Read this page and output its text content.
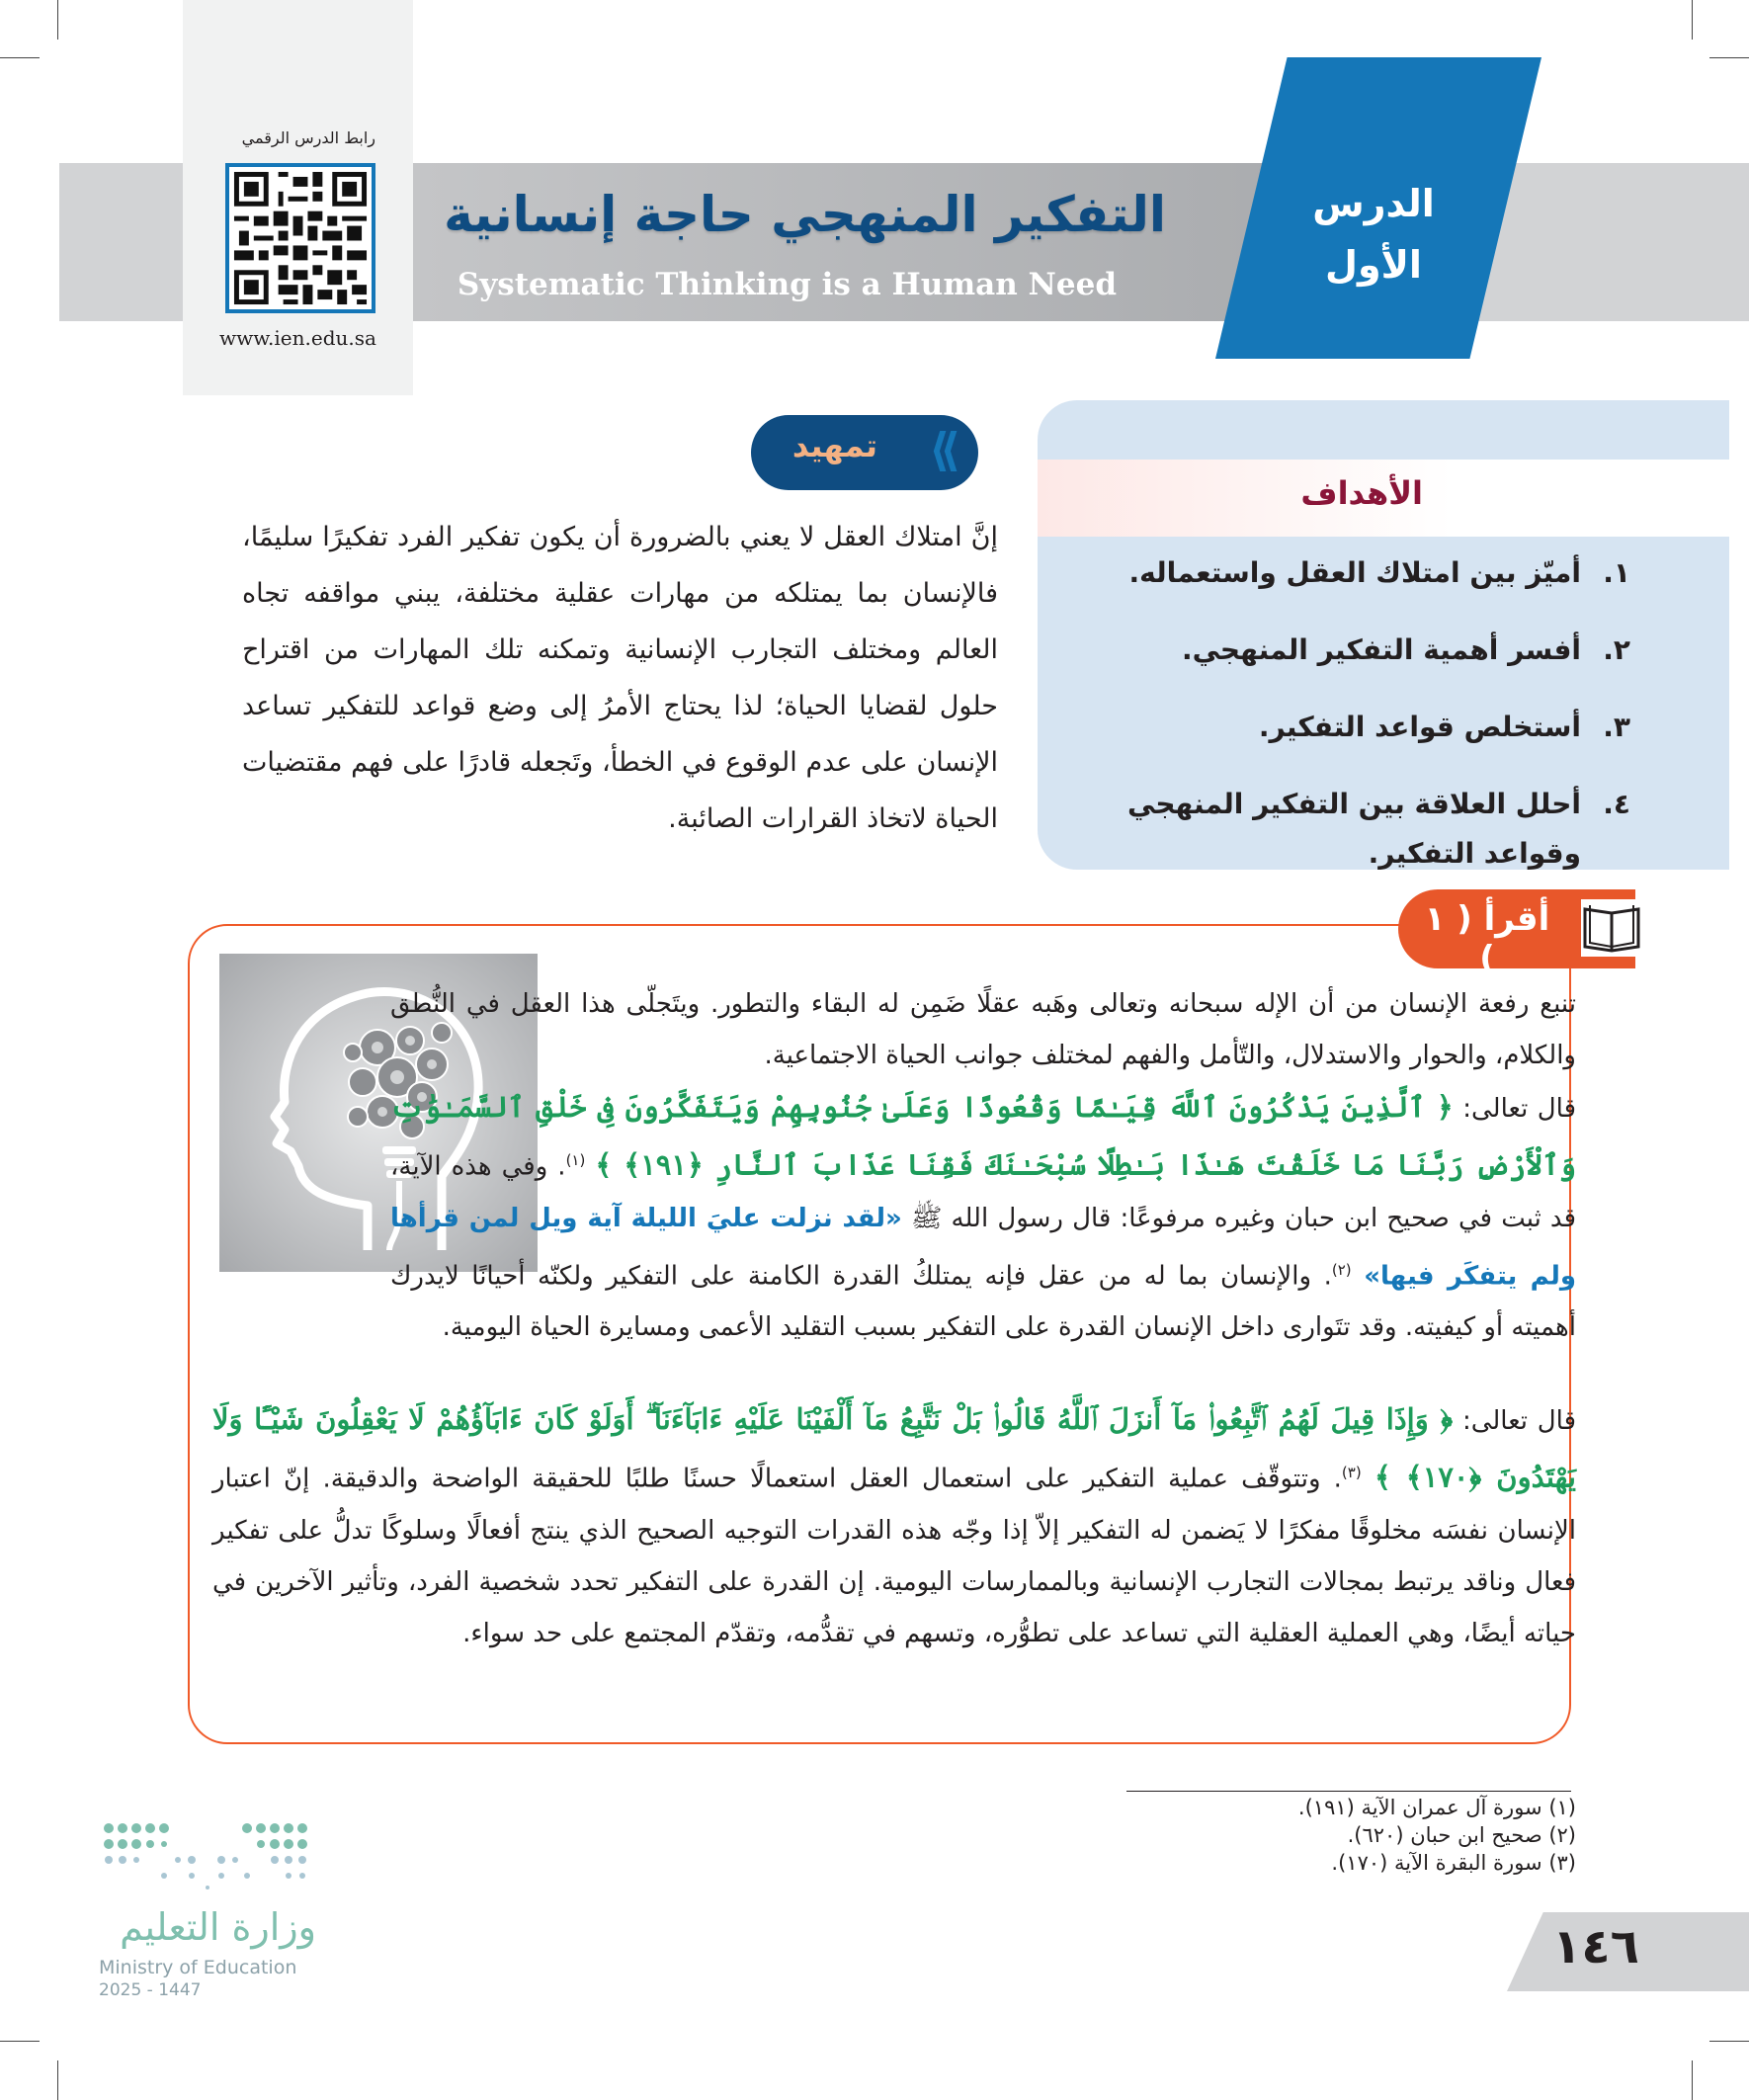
التفكير المنهجي حاجة إنسانية
Systematic Thinking is a Human Need
الدرس
الأول
رابط الدرس الرقمي
www.ien.edu.sa
الأهداف
١.
أميّز بين امتلاك العقل واستعماله.
٢.
أفسر أهمية التفكير المنهجي.
٣.
أستخلص قواعد التفكير.
٤.
أحلل العلاقة بين التفكير المنهجي وقواعد التفكير.
تمهيد	⟨⟨

إنَّ امتلاك العقل لا يعني بالضرورة أن يكون تفكير الفرد تفكيرًا سليمًا، فالإنسان بما يمتلكه من مهارات عقلية مختلفة، يبني مواقفه تجاه العالم ومختلف التجارب الإنسانية وتمكنه تلك المهارات من اقتراح حلول لقضايا الحياة؛ لذا يحتاج الأمرُ إلى وضع قواعد للتفكير تساعد الإنسان على عدم الوقوع في الخطأ، وتَجعله قادرًا على فهم مقتضيات الحياة لاتخاذ القرارات الصائبة.

أقرأ ( ١ )

تنبع رفعة الإنسان من أن الإله سبحانه وتعالى وهَبه عقلًا ضَمِن له البقاء والتطور. ويتَجلّى هذا العقل في النُّطق والكلام، والحوار والاستدلال، والتّأمل والفهم لمختلف جوانب الحياة الاجتماعية.

قال تعالى: ﴿ ٱلَّذِينَ يَذْكُرُونَ ٱللَّهَ قِيَـٰمًا وَقُعُودًا وَعَلَىٰ جُنُوبِهِمْ وَيَتَفَكَّرُونَ فِى خَلْقِ ٱلسَّمَـٰوَٰتِ وَٱلْأَرْضِ رَبَّنَا مَا خَلَقْتَ هَـٰذَا بَـٰطِلًا سُبْحَـٰنَكَ فَقِنَا عَذَابَ ٱلنَّارِ ﴿١٩١﴾ ﴾ $^{(١)}$. وفي هذه الآية، قد ثبت في صحيح ابن حبان وغيره مرفوعًا: قال رسول الله ﷺ «لقد نزلت عليَ الليلة آية ويل لمن قرأها ولم يتفكَر فيها» $^{(٢)}$. والإنسان بما له من عقل فإنه يمتلكُ القدرة الكامنة على التفكير ولكنّه أحيانًا لايدرك أهميته أو كيفيته. وقد تتَوارى داخل الإنسان القدرة على التفكير بسبب التقليد الأعمى ومسايرة الحياة اليومية.

قال تعالى: ﴿ وَإِذَا قِيلَ لَهُمُ ٱتَّبِعُوا۟ مَآ أَنزَلَ ٱللَّهُ قَالُوا۟ بَلْ نَتَّبِعُ مَآ أَلْفَيْنَا عَلَيْهِ ءَابَآءَنَآ ۗ أَوَلَوْ كَانَ ءَابَآؤُهُمْ لَا يَعْقِلُونَ شَيْـًٔا وَلَا يَهْتَدُونَ ﴿١٧٠﴾ ﴾ $^{(٣)}$. وتتوقّف عملية التفكير على استعمال العقل استعمالًا حسنًا طلبًا للحقيقة الواضحة والدقيقة. إنّ اعتبار الإنسان نفسَه مخلوقًا مفكرًا لا يَضمن له التفكير إلاّ إذا وجّه هذه القدرات التوجيه الصحيح الذي ينتج أفعالًا وسلوكًا تدلُّ على تفكير فعال وناقد يرتبط بمجالات التجارب الإنسانية وبالممارسات اليومية. إن القدرة على التفكير تحدد شخصية الفرد، وتأثير الآخرين في حياته أيضًا، وهي العملية العقلية التي تساعد على تطوُّره، وتسهم في تقدُّمه، وتقدّم المجتمع على حد سواء.

(١) سورة آل عمران الآية (١٩١).
(٢) صحيح ابن حبان (٦٢٠).
(٣) سورة البقرة الآية (١٧٠).
١٤٦
وزارة التعليم
Ministry of Education
2025 - 1447
